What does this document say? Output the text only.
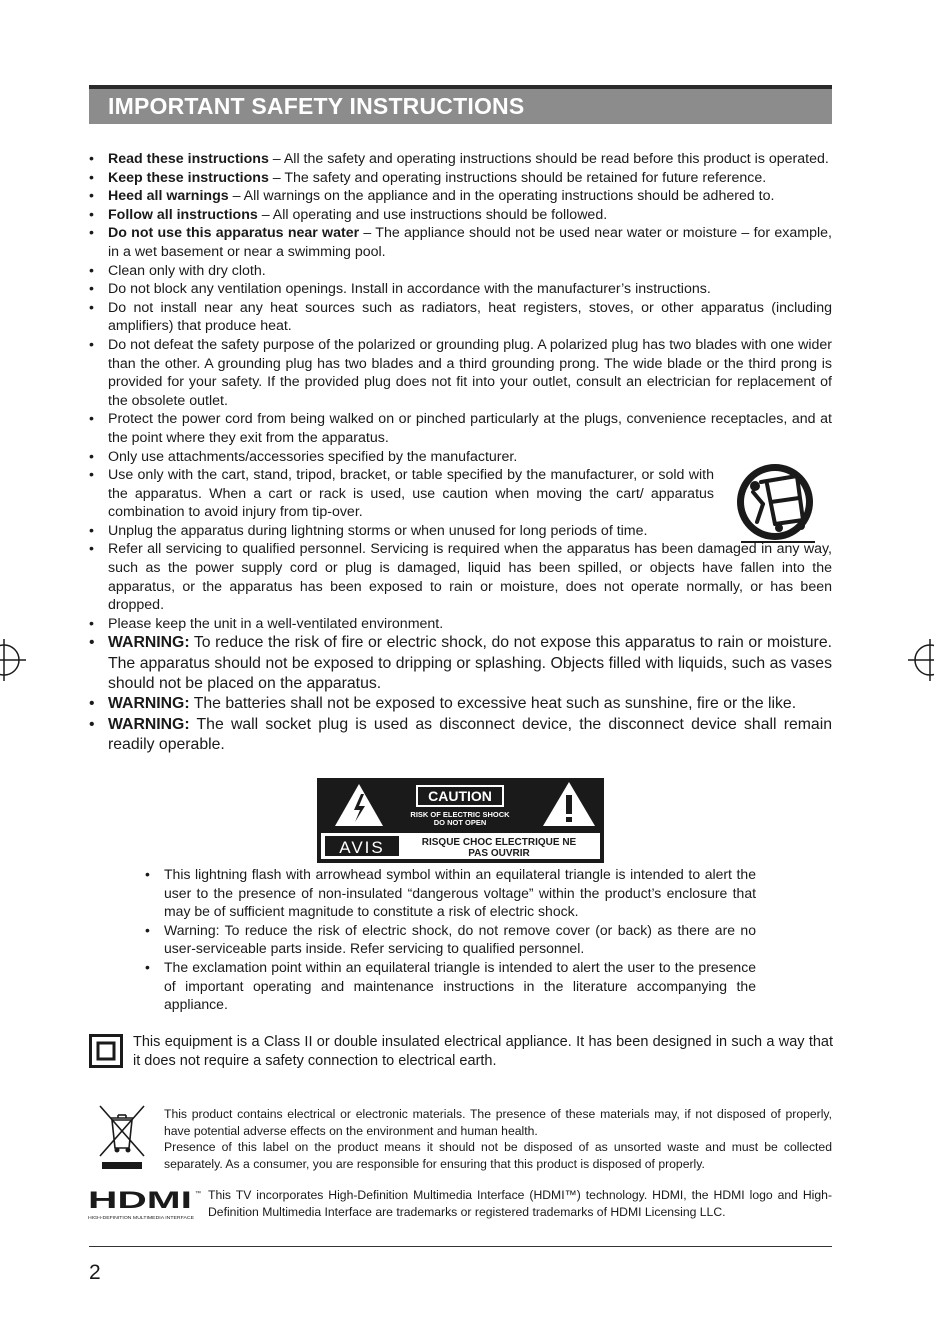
IMPORTANT SAFETY INSTRUCTIONS
• Read these instructions – All the safety and operating instructions should be read before this product is operated.
• Keep these instructions – The safety and operating instructions should be retained for future reference.
• Heed all warnings – All warnings on the appliance and in the operating instructions should be adhered to.
• Follow all instructions – All operating and use instructions should be followed.
• Do not use this apparatus near water – The appliance should not be used near water or moisture – for example, in a wet basement or near a swimming pool.
• Clean only with dry cloth.
• Do not block any ventilation openings. Install in accordance with the manufacturer’s instructions.
• Do not install near any heat sources such as radiators, heat registers, stoves, or other apparatus (including amplifiers) that produce heat.
• Do not defeat the safety purpose of the polarized or grounding plug. A polarized plug has two blades with one wider than the other. A grounding plug has two blades and a third grounding prong. The wide blade or the third prong is provided for your safety. If the provided plug does not fit into your outlet, consult an electrician for replacement of the obsolete outlet.
• Protect the power cord from being walked on or pinched particularly at the plugs, convenience receptacles, and at the point where they exit from the apparatus.
• Only use attachments/accessories specified by the manufacturer.
• Use only with the cart, stand, tripod, bracket, or table specified by the manufacturer, or sold with the apparatus. When a cart or rack is used, use caution when moving the cart/ apparatus combination to avoid injury from tip-over.
• Unplug the apparatus during lightning storms or when unused for long periods of time.
• Refer all servicing to qualified personnel. Servicing is required when the apparatus has been damaged in any way, such as the power supply cord or plug is damaged, liquid has been spilled, or objects have fallen into the apparatus, or the apparatus has been exposed to rain or moisture, does not operate normally, or has been dropped.
• Please keep the unit in a well-ventilated environment.
• WARNING: To reduce the risk of fire or electric shock, do not expose this apparatus to rain or moisture. The apparatus should not be exposed to dripping or splashing. Objects filled with liquids, such as vases should not be placed on the apparatus.
• WARNING: The batteries shall not be exposed to excessive heat such as sunshine, fire or the like.
• WARNING: The wall socket plug is used as disconnect device, the disconnect device shall remain readily operable.
CAUTION
RISK OF ELECTRIC SHOCK
DO NOT OPEN
AVIS	RISQUE CHOC ELECTRIQUE NE
PAS OUVRIR
• This lightning flash with arrowhead symbol within an equilateral triangle is intended to alert the user to the presence of non-insulated “dangerous voltage” within the product’s enclosure that may be of sufficient magnitude to constitute a risk of electric shock.
• Warning: To reduce the risk of electric shock, do not remove cover (or back) as there are no user-serviceable parts inside. Refer servicing to qualified personnel.
• The exclamation point within an equilateral triangle is intended to alert the user to the presence of important operating and maintenance instructions in the literature accompanying the appliance.

This equipment is a Class II or double insulated electrical appliance. It has been designed in such a way that it does not require a safety connection to electrical earth.

This product contains electrical or electronic materials. The presence of these materials may, if not disposed of properly, have potential adverse effects on the environment and human health.

Presence of this label on the product means it should not be disposed of as unsorted waste and must be collected separately. As a consumer, you are responsible for ensuring that this product is disposed of properly.

HDMI ™
HIGH-DEFINITION MULTIMEDIA INTERFACE

This TV incorporates High-Definition Multimedia Interface (HDMI™) technology. HDMI, the HDMI logo and High-Definition Multimedia Interface are trademarks or registered trademarks of HDMI Licensing LLC.

2
